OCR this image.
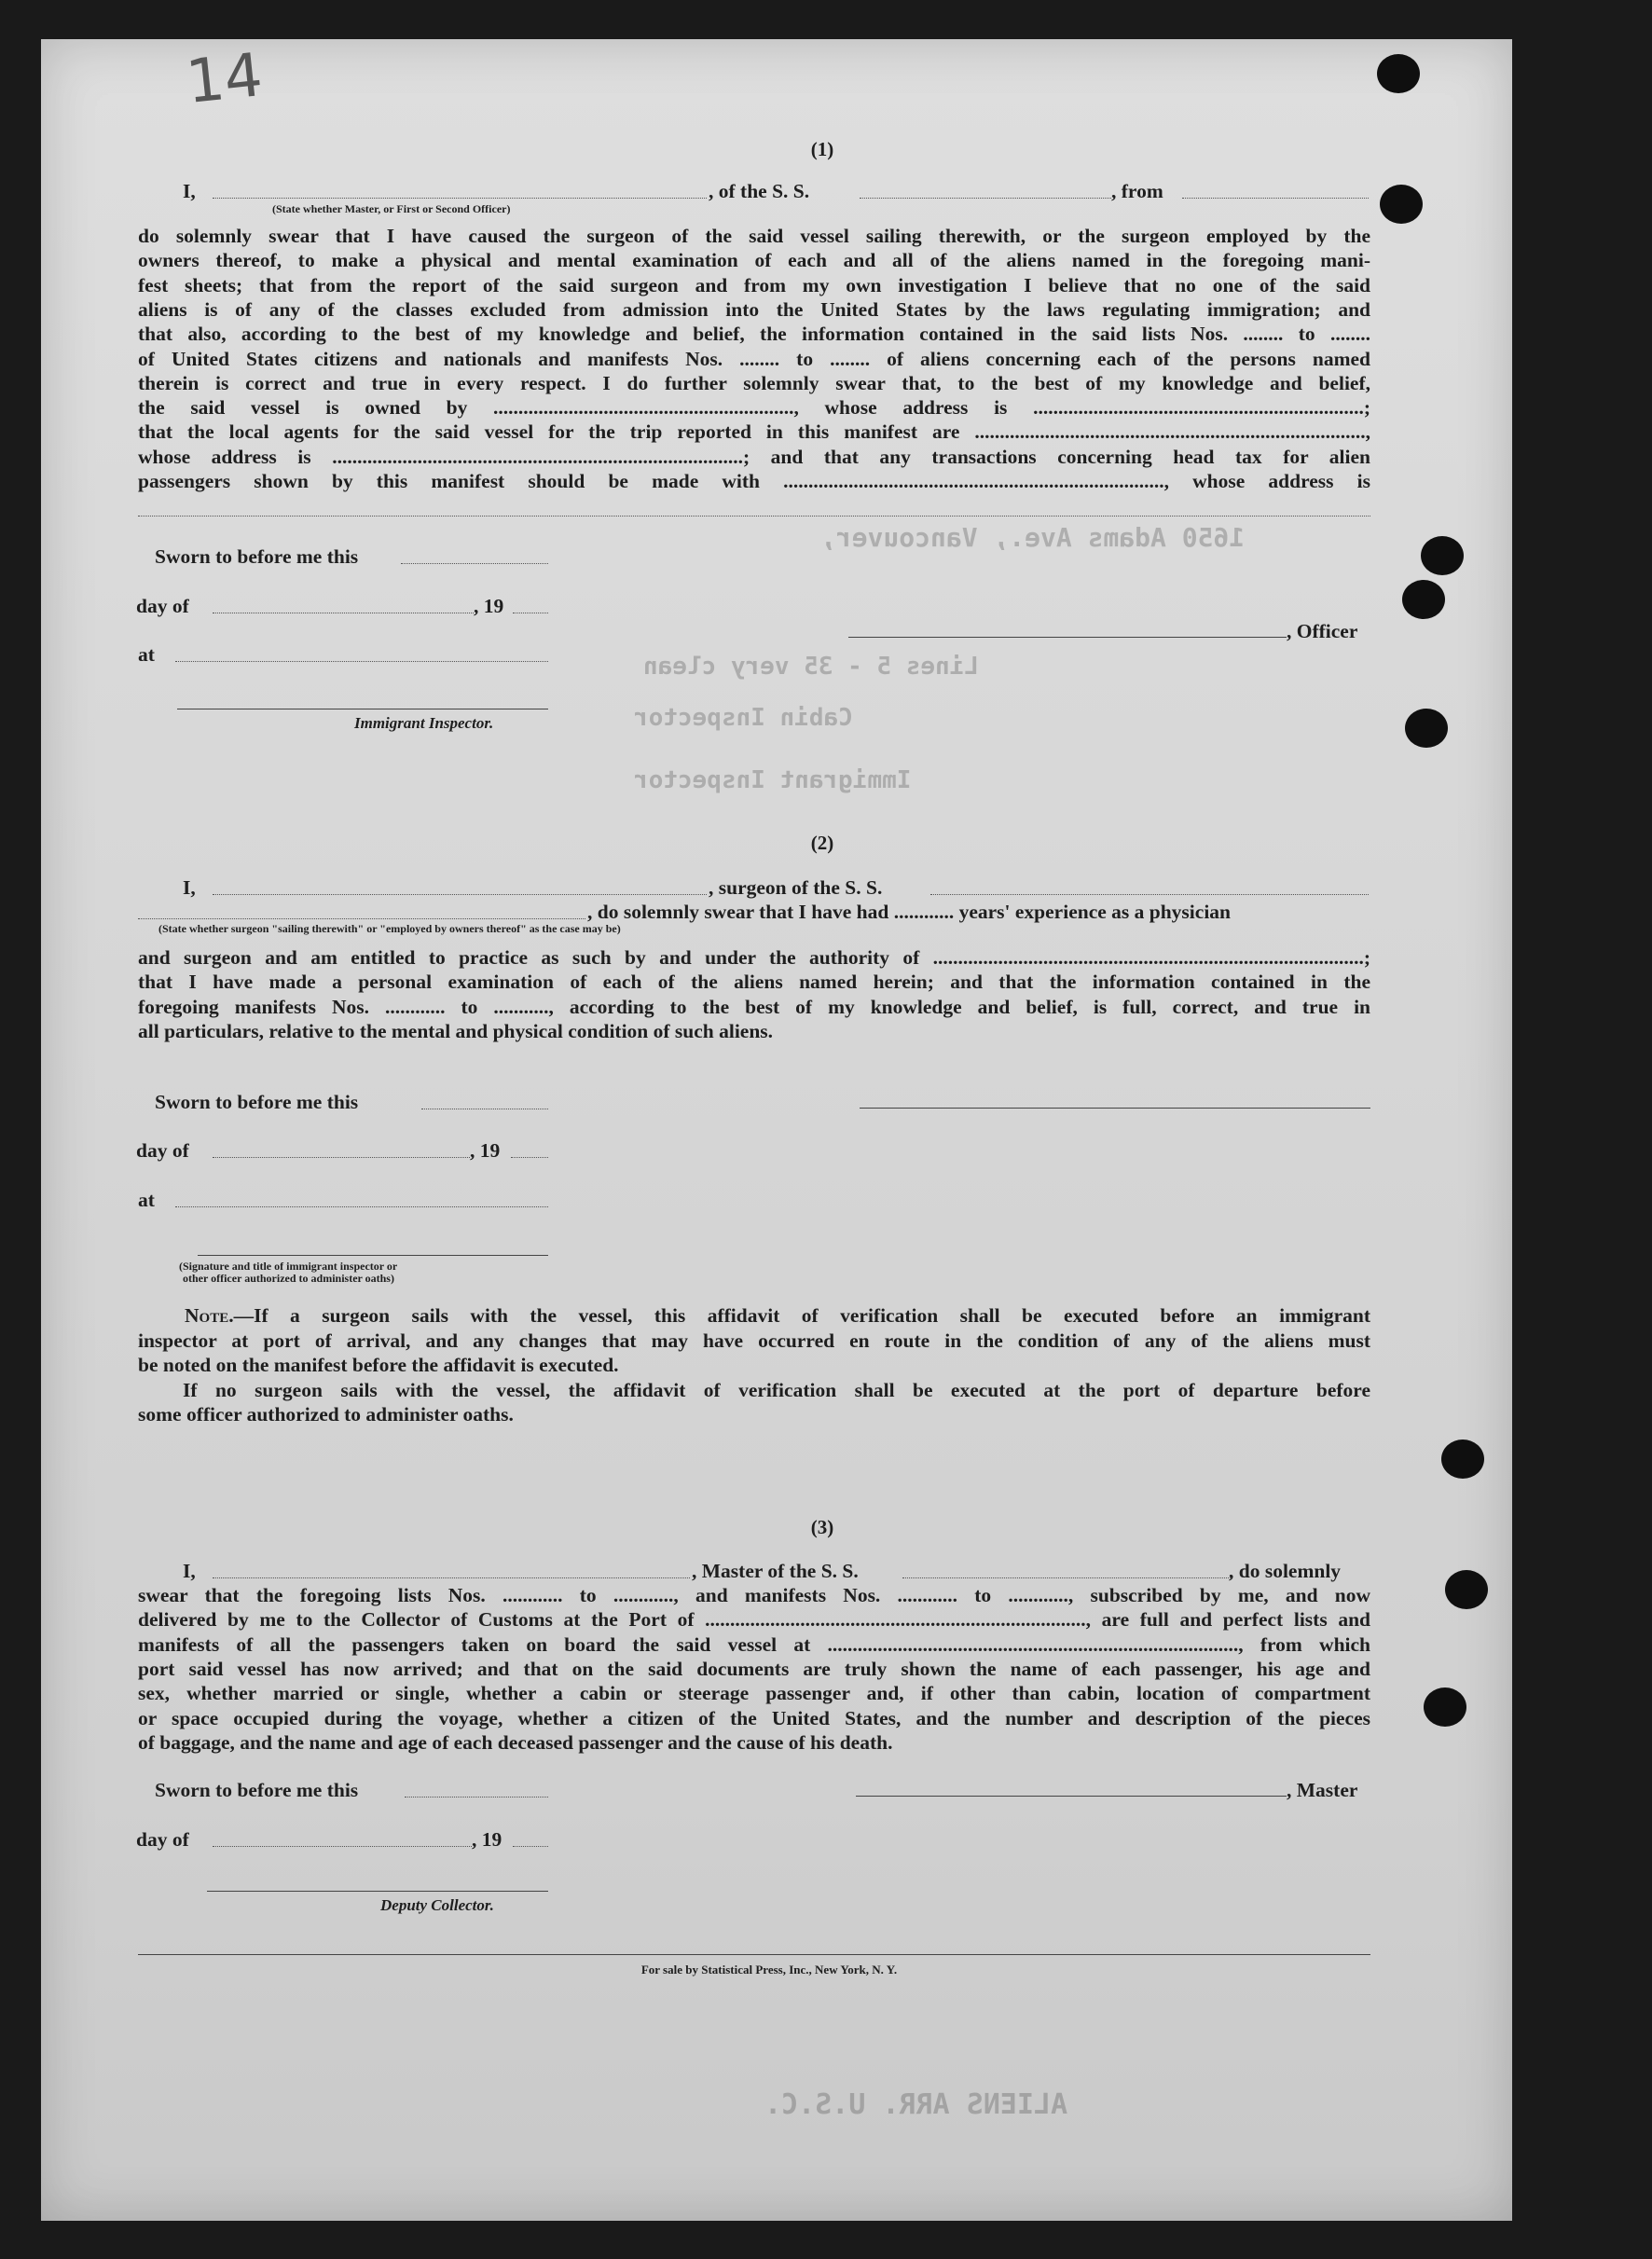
14
1650 Adams Ave., Vancouver,
Lines 5 - 35 very clean
Cabin Inspector
Immigrant Inspector
ALIENS ARR. U.S.C.
(1)
I,	, of the S. S.	, from
(State whether Master, or First or Second Officer)
do solemnly swear that I have caused the surgeon of the said vessel sailing therewith, or the surgeon employed by the
owners thereof, to make a physical and mental examination of each and all of the aliens named in the foregoing mani-
fest sheets; that from the report of the said surgeon and from my own investigation I believe that no one of the said
aliens is of any of the classes excluded from admission into the United States by the laws regulating immigration; and
that also, according to the best of my knowledge and belief, the information contained in the said lists Nos. ........ to ........
of United States citizens and nationals and manifests Nos. ........ to ........ of aliens concerning each of the persons named
therein is correct and true in every respect. I do further solemnly swear that, to the best of my knowledge and belief,
the said vessel is owned by ............................................................, whose address is ..................................................................;
that the local agents for the said vessel for the trip reported in this manifest are ..............................................................................,
whose address is ..................................................................................; and that any transactions concerning head tax for alien
passengers shown by this manifest should be made with ............................................................................, whose address is
Sworn to before me this
day of	, 19
at
, Officer
Immigrant Inspector.
(2)
I,	, surgeon of the S. S.
, do solemnly swear that I have had ............ years' experience as a physician
(State whether surgeon "sailing therewith" or "employed by owners thereof" as the case may be)
and surgeon and am entitled to practice as such by and under the authority of ......................................................................................;
that I have made a personal examination of each of the aliens named herein; and that the information contained in the
foregoing manifests Nos. ............ to ..........., according to the best of my knowledge and belief, is full, correct, and true in
all particulars, relative to the mental and physical condition of such aliens.
Sworn to before me this
day of	, 19
at
(Signature and title of immigrant inspector or
other officer authorized to administer oaths)
Note.—If a surgeon sails with the vessel, this affidavit of verification shall be executed before an immigrant
inspector at port of arrival, and any changes that may have occurred en route in the condition of any of the aliens must
be noted on the manifest before the affidavit is executed.
If no surgeon sails with the vessel, the affidavit of verification shall be executed at the port of departure before
some officer authorized to administer oaths.
(3)
I,	, Master of the S. S.	, do solemnly
swear that the foregoing lists Nos. ............ to ............, and manifests Nos. ............ to ............, subscribed by me, and now
delivered by me to the Collector of Customs at the Port of ............................................................................, are full and perfect lists and
manifests of all the passengers taken on board the said vessel at .................................................................................., from which
port said vessel has now arrived; and that on the said documents are truly shown the name of each passenger, his age and
sex, whether married or single, whether a cabin or steerage passenger and, if other than cabin, location of compartment
or space occupied during the voyage, whether a citizen of the United States, and the number and description of the pieces
of baggage, and the name and age of each deceased passenger and the cause of his death.
Sworn to before me this	, Master
day of	, 19
Deputy Collector.
For sale by Statistical Press, Inc., New York, N. Y.
